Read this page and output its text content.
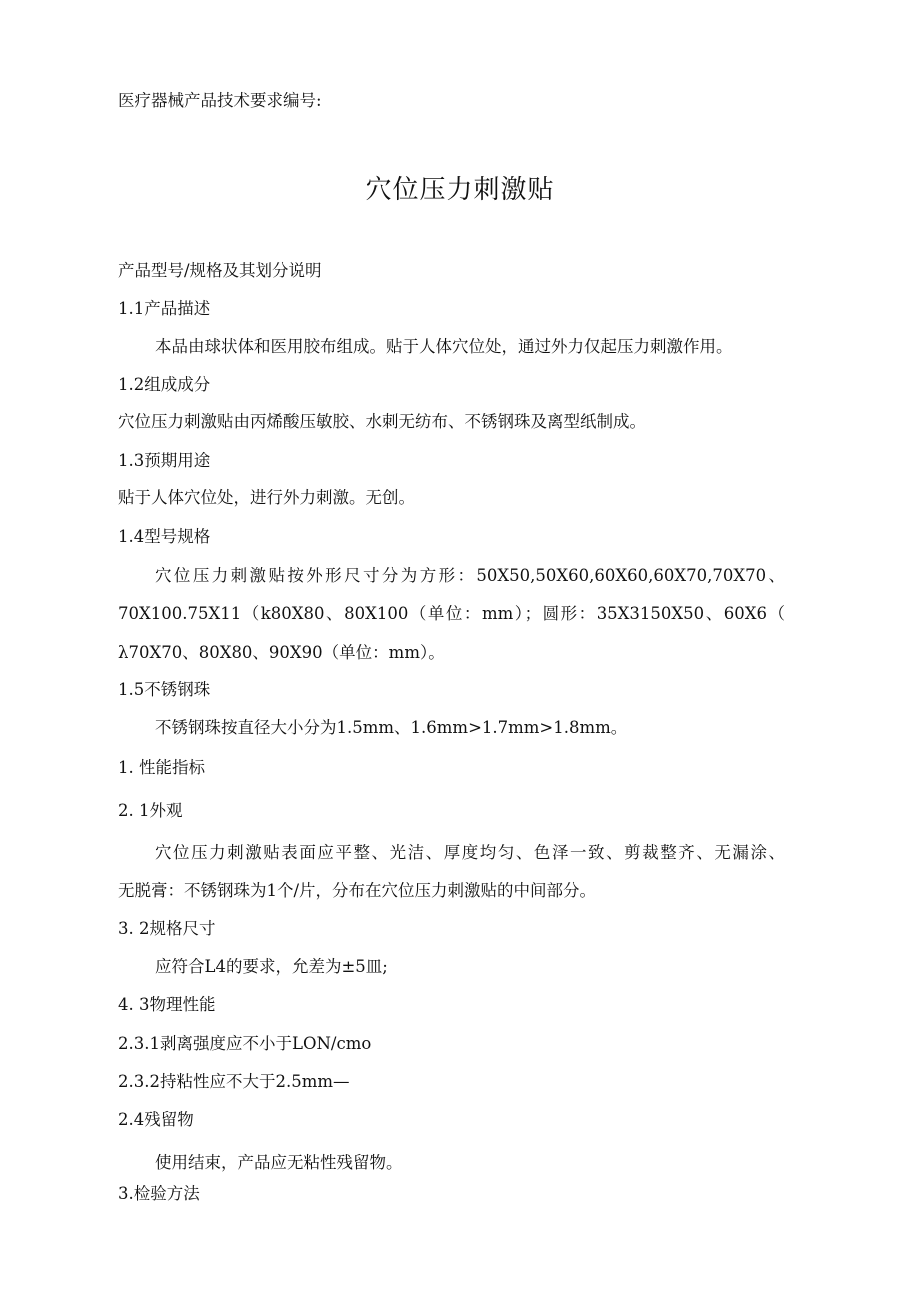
医疗器械产品技术要求编号:
穴位压力刺激贴
产品型号/规格及其划分说明
1.1产品描述
本品由球状体和医用胶布组成。贴于人体穴位处，通过外力仅起压力刺激作用。
1.2组成成分
穴位压力刺激贴由丙烯酸压敏胶、水刺无纺布、不锈钢珠及离型纸制成。
1.3预期用途
贴于人体穴位处，进行外力刺激。无创。
1.4型号规格
穴位压力刺激贴按外形尺寸分为方形：50X50,50X60,60X60,60X70,70X70、
70X100.75X11（k80X80、80X100（单位：mm）；圆形：35X3150X50、60X6（
λ70X70、80X80、90X90（单位：mm）。
1.5不锈钢珠
不锈钢珠按直径大小分为1.5mm、1.6mm>1.7mm>1.8mm。
1. 性能指标
2. 1外观
穴位压力刺激贴表面应平整、光洁、厚度均匀、色泽一致、剪裁整齐、无漏涂、
无脱膏：不锈钢珠为1个/片，分布在穴位压力刺激贴的中间部分。
3. 2规格尺寸
应符合L4的要求，允差为±5皿;
4. 3物理性能
2.3.1剥离强度应不小于LON/cmo
2.3.2持粘性应不大于2.5mm—
2.4残留物
使用结束，产品应无粘性残留物。
3.检验方法
